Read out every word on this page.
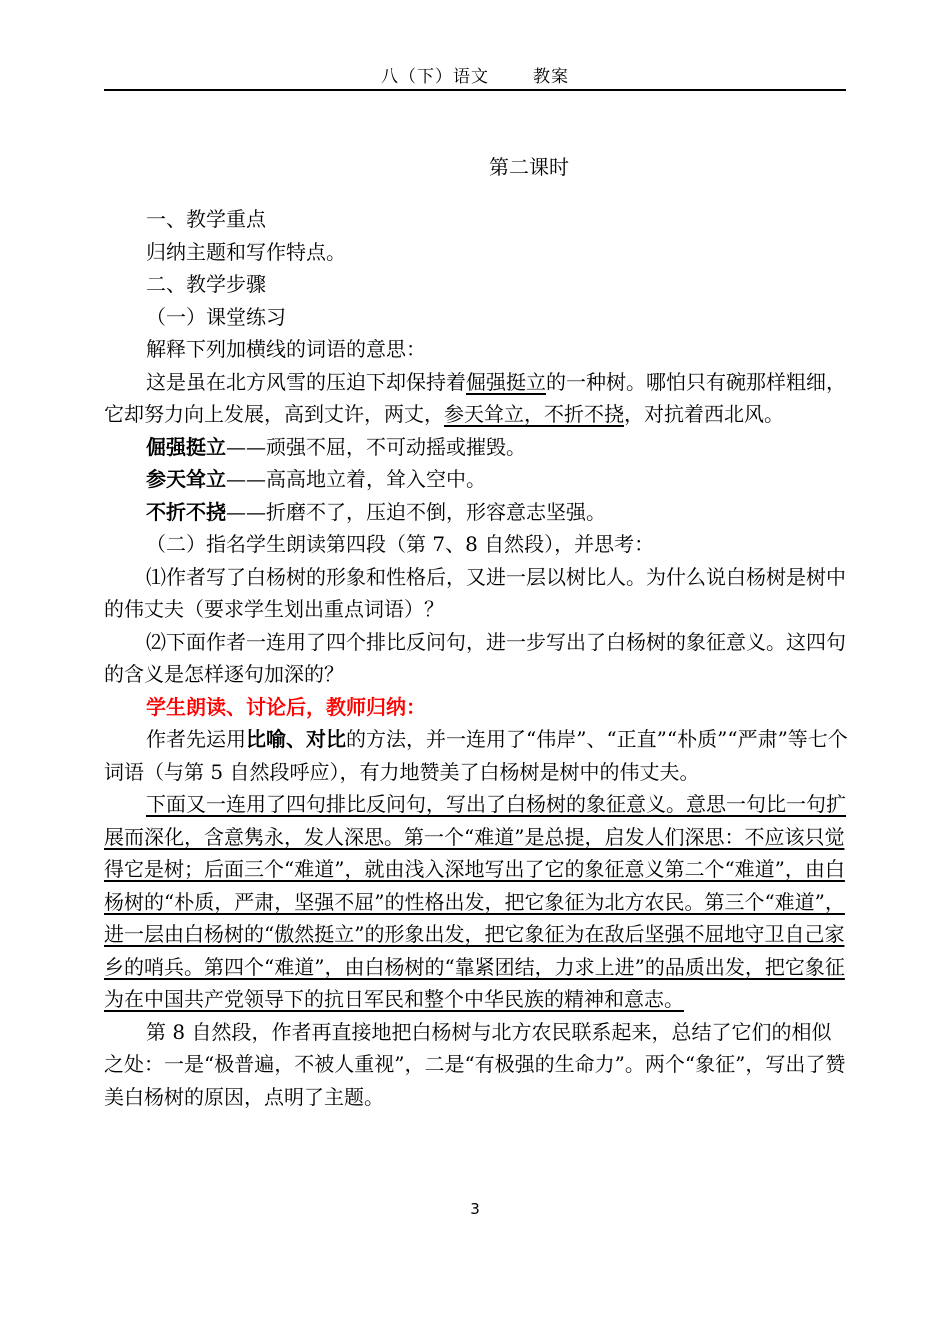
八（下）语文	教案
第二课时

一、教学重点

归纳主题和写作特点。

二、教学步骤

（一）课堂练习

解释下列加横线的词语的意思：

这是虽在北方风雪的压迫下却保持着倔强挺立的一种树。哪怕只有碗那样粗细，它却努力向上发展，高到丈许，两丈，参天耸立，不折不挠，对抗着西北风。

倔强挺立——顽强不屈，不可动摇或摧毁。

参天耸立——高高地立着，耸入空中。

不折不挠——折磨不了，压迫不倒，形容意志坚强。

（二）指名学生朗读第四段（第 7、8 自然段），并思考：

⑴作者写了白杨树的形象和性格后，又进一层以树比人。为什么说白杨树是树中的伟丈夫（要求学生划出重点词语）？

⑵下面作者一连用了四个排比反问句，进一步写出了白杨树的象征意义。这四句的含义是怎样逐句加深的？

学生朗读、讨论后，教师归纳：

作者先运用比喻、对比的方法，并一连用了“伟岸”、“正直”“朴质”“严肃”等七个词语（与第 5 自然段呼应），有力地赞美了白杨树是树中的伟丈夫。

下面又一连用了四句排比反问句，写出了白杨树的象征意义。意思一句比一句扩展而深化，含意隽永，发人深思。第一个“难道”是总提，启发人们深思：不应该只觉得它是树；后面三个“难道”，就由浅入深地写出了它的象征意义第二个“难道”，由白杨树的“朴质，严肃，坚强不屈”的性格出发，把它象征为北方农民。第三个“难道”，进一层由白杨树的“傲然挺立”的形象出发，把它象征为在敌后坚强不屈地守卫自己家乡的哨兵。第四个“难道”，由白杨树的“靠紧团结，力求上进”的品质出发，把它象征为在中国共产党领导下的抗日军民和整个中华民族的精神和意志。

第 8 自然段，作者再直接地把白杨树与北方农民联系起来，总结了它们的相似之处：一是“极普遍，不被人重视”，二是“有极强的生命力”。两个“象征”，写出了赞美白杨树的原因，点明了主题。

3
